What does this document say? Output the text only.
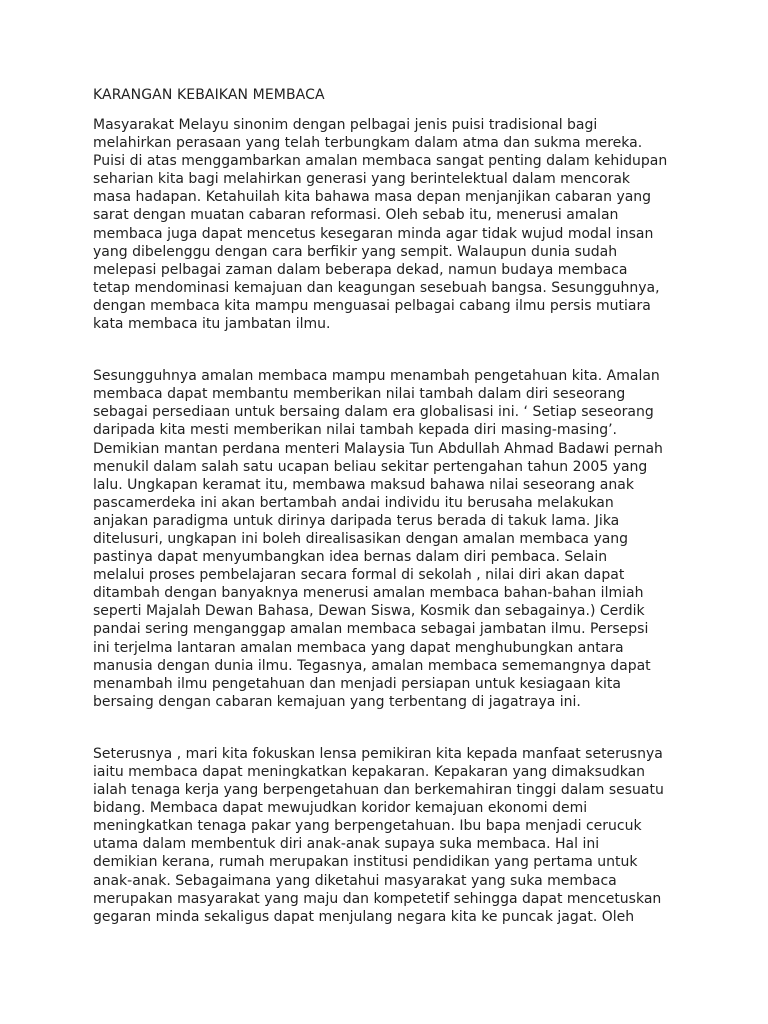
KARANGAN KEBAIKAN MEMBACA

Masyarakat Melayu sinonim dengan pelbagai jenis puisi tradisional bagi
melahirkan perasaan yang telah terbungkam dalam atma dan sukma mereka.
Puisi di atas menggambarkan amalan membaca sangat penting dalam kehidupan
seharian kita bagi melahirkan generasi yang berintelektual dalam mencorak
masa hadapan. Ketahuilah kita bahawa masa depan menjanjikan cabaran yang
sarat dengan muatan cabaran reformasi. Oleh sebab itu, menerusi amalan
membaca juga dapat mencetus kesegaran minda agar tidak wujud modal insan
yang dibelenggu dengan cara berfikir yang sempit. Walaupun dunia sudah
melepasi pelbagai zaman dalam beberapa dekad, namun budaya membaca
tetap mendominasi kemajuan dan keagungan sesebuah bangsa. Sesungguhnya,
dengan membaca kita mampu menguasai pelbagai cabang ilmu persis mutiara
kata membaca itu jambatan ilmu.

Sesungguhnya amalan membaca mampu menambah pengetahuan kita. Amalan
membaca dapat membantu memberikan nilai tambah dalam diri seseorang
sebagai persediaan untuk bersaing dalam era globalisasi ini. ‘ Setiap seseorang
daripada kita mesti memberikan nilai tambah kepada diri masing-masing’.
Demikian mantan perdana menteri Malaysia Tun Abdullah Ahmad Badawi pernah
menukil dalam salah satu ucapan beliau sekitar pertengahan tahun 2005 yang
lalu. Ungkapan keramat itu, membawa maksud bahawa nilai seseorang anak
pascamerdeka ini akan bertambah andai individu itu berusaha melakukan
anjakan paradigma untuk dirinya daripada terus berada di takuk lama. Jika
ditelusuri, ungkapan ini boleh direalisasikan dengan amalan membaca yang
pastinya dapat menyumbangkan idea bernas dalam diri pembaca. Selain
melalui proses pembelajaran secara formal di sekolah , nilai diri akan dapat
ditambah dengan banyaknya menerusi amalan membaca bahan-bahan ilmiah
seperti Majalah Dewan Bahasa, Dewan Siswa, Kosmik dan sebagainya.) Cerdik
pandai sering menganggap amalan membaca sebagai jambatan ilmu. Persepsi
ini terjelma lantaran amalan membaca yang dapat menghubungkan antara
manusia dengan dunia ilmu. Tegasnya, amalan membaca sememangnya dapat
menambah ilmu pengetahuan dan menjadi persiapan untuk kesiagaan kita
bersaing dengan cabaran kemajuan yang terbentang di jagatraya ini.

Seterusnya , mari kita fokuskan lensa pemikiran kita kepada manfaat seterusnya
iaitu membaca dapat meningkatkan kepakaran. Kepakaran yang dimaksudkan
ialah tenaga kerja yang berpengetahuan dan berkemahiran tinggi dalam sesuatu
bidang. Membaca dapat mewujudkan koridor kemajuan ekonomi demi
meningkatkan tenaga pakar yang berpengetahuan. Ibu bapa menjadi cerucuk
utama dalam membentuk diri anak-anak supaya suka membaca. Hal ini
demikian kerana, rumah merupakan institusi pendidikan yang pertama untuk
anak-anak. Sebagaimana yang diketahui masyarakat yang suka membaca
merupakan masyarakat yang maju dan kompetetif sehingga dapat mencetuskan
gegaran minda sekaligus dapat menjulang negara kita ke puncak jagat. Oleh
